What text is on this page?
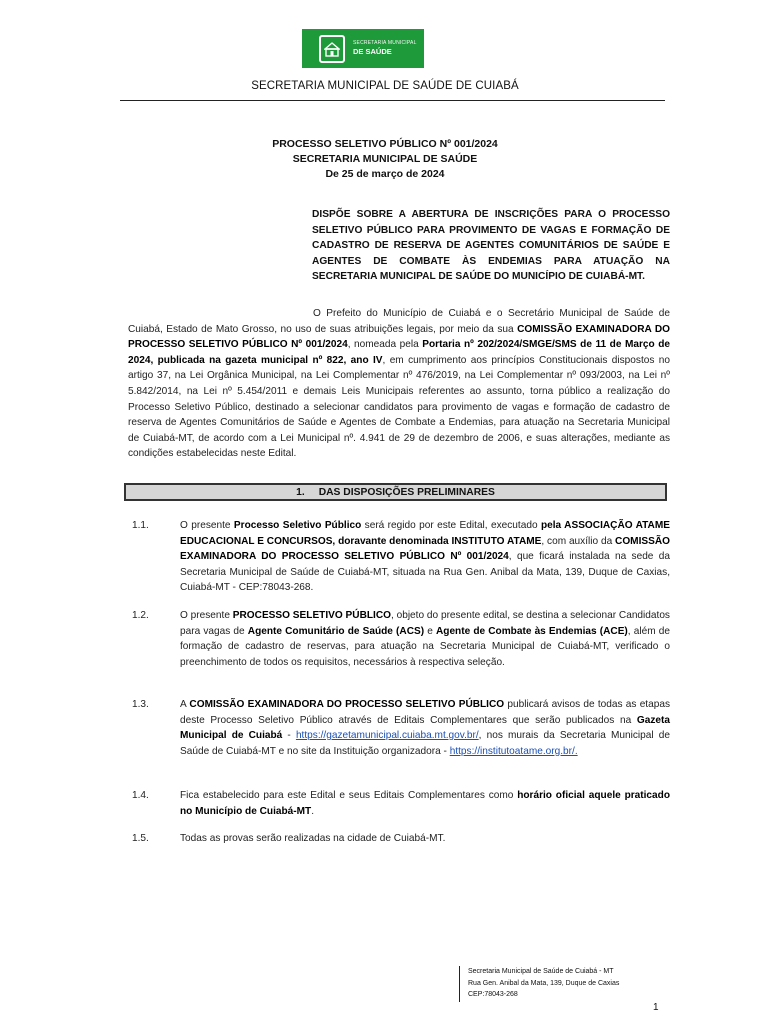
SECRETARIA MUNICIPAL
DE SAÚDE
SECRETARIA MUNICIPAL DE SAÚDE DE CUIABÁ
PROCESSO SELETIVO PÚBLICO Nº 001/2024
SECRETARIA MUNICIPAL DE SAÚDE
De 25 de março de 2024
DISPÕE SOBRE A ABERTURA DE INSCRIÇÕES PARA O PROCESSO SELETIVO PÚBLICO PARA PROVIMENTO DE VAGAS E FORMAÇÃO DE CADASTRO DE RESERVA DE AGENTES COMUNITÁRIOS DE SAÚDE E AGENTES DE COMBATE ÀS ENDEMIAS PARA ATUAÇÃO NA SECRETARIA MUNICIPAL DE SAÚDE DO MUNICÍPIO DE CUIABÁ-MT.
O Prefeito do Município de Cuiabá e o Secretário Municipal de Saúde de Cuiabá, Estado de Mato Grosso, no uso de suas atribuições legais, por meio da sua COMISSÃO EXAMINADORA DO PROCESSO SELETIVO PÚBLICO Nº 001/2024, nomeada pela Portaria nº 202/2024/SMGE/SMS de 11 de Março de 2024, publicada na gazeta municipal nº 822, ano IV, em cumprimento aos princípios Constitucionais dispostos no artigo 37, na Lei Orgânica Municipal, na Lei Complementar nº 476/2019, na Lei Complementar nº 093/2003, na Lei nº 5.842/2014, na Lei nº 5.454/2011 e demais Leis Municipais referentes ao assunto, torna público a realização do Processo Seletivo Público, destinado a selecionar candidatos para provimento de vagas e formação de cadastro de reserva de Agentes Comunitários de Saúde e Agentes de Combate a Endemias, para atuação na Secretaria Municipal de Cuiabá-MT, de acordo com a Lei Municipal nº. 4.941 de 29 de dezembro de 2006, e suas alterações, mediante as condições estabelecidas neste Edital.
1. DAS DISPOSIÇÕES PRELIMINARES
1.1.	O presente Processo Seletivo Público será regido por este Edital, executado pela ASSOCIAÇÃO ATAME EDUCACIONAL E CONCURSOS, doravante denominada INSTITUTO ATAME, com auxílio da COMISSÃO EXAMINADORA DO PROCESSO SELETIVO PÚBLICO Nº 001/2024, que ficará instalada na sede da Secretaria Municipal de Saúde de Cuiabá-MT, situada na Rua Gen. Anibal da Mata, 139, Duque de Caxias, Cuiabá-MT - CEP:78043-268.
1.2.	O presente PROCESSO SELETIVO PÚBLICO, objeto do presente edital, se destina a selecionar Candidatos para vagas de Agente Comunitário de Saúde (ACS) e Agente de Combate às Endemias (ACE), além de formação de cadastro de reservas, para atuação na Secretaria Municipal de Cuiabá-MT, verificado o preenchimento de todos os requisitos, necessários à respectiva seleção.
1.3.	A COMISSÃO EXAMINADORA DO PROCESSO SELETIVO PÚBLICO publicará avisos de todas as etapas deste Processo Seletivo Público através de Editais Complementares que serão publicados na Gazeta Municipal de Cuiabá - https://gazetamunicipal.cuiaba.mt.gov.br/, nos murais da Secretaria Municipal de Saúde de Cuiabá-MT e no site da Instituição organizadora - https://institutoatame.org.br/.
1.4.	Fica estabelecido para este Edital e seus Editais Complementares como horário oficial aquele praticado no Município de Cuiabá-MT.
1.5.	Todas as provas serão realizadas na cidade de Cuiabá-MT.
Secretaria Municipal de Saúde de Cuiabá - MT
Rua Gen. Anibal da Mata, 139, Duque de Caxias
CEP:78043-268
1
